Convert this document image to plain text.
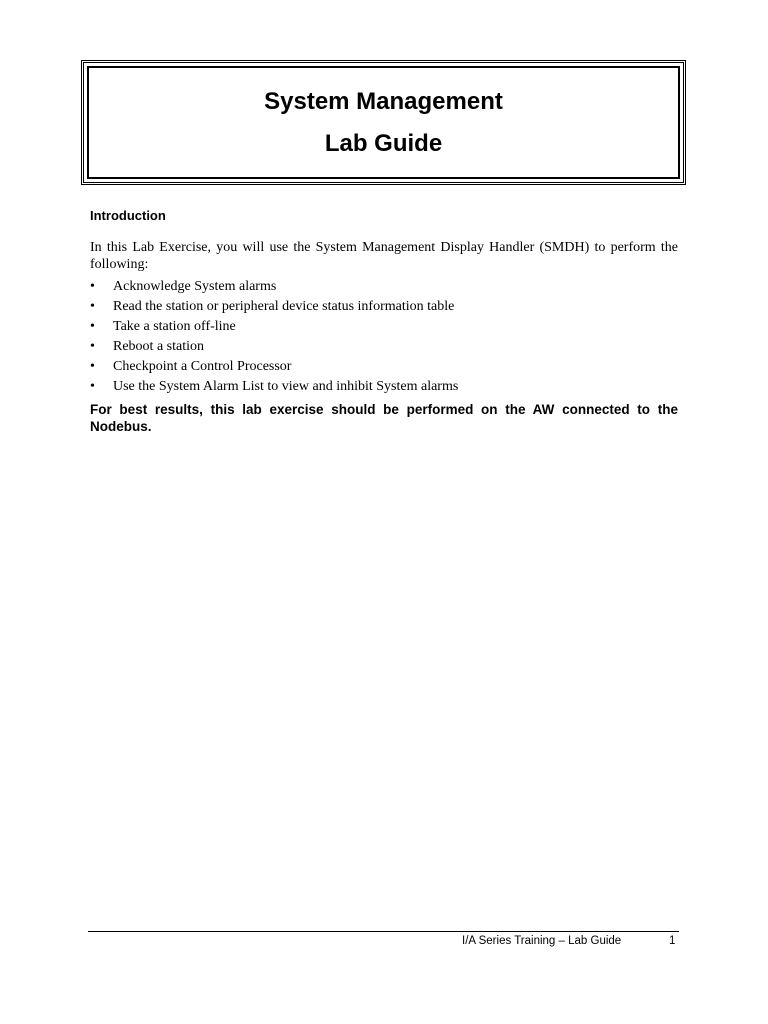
System Management
Lab Guide
Introduction

In this Lab Exercise, you will use the System Management Display Handler (SMDH) to perform the following:

• Acknowledge System alarms
• Read the station or peripheral device status information table
• Take a station off-line
• Reboot a station
• Checkpoint a Control Processor
• Use the System Alarm List to view and inhibit System alarms

For best results, this lab exercise should be performed on the AW connected to the Nodebus.

I/A Series Training – Lab Guide	1
